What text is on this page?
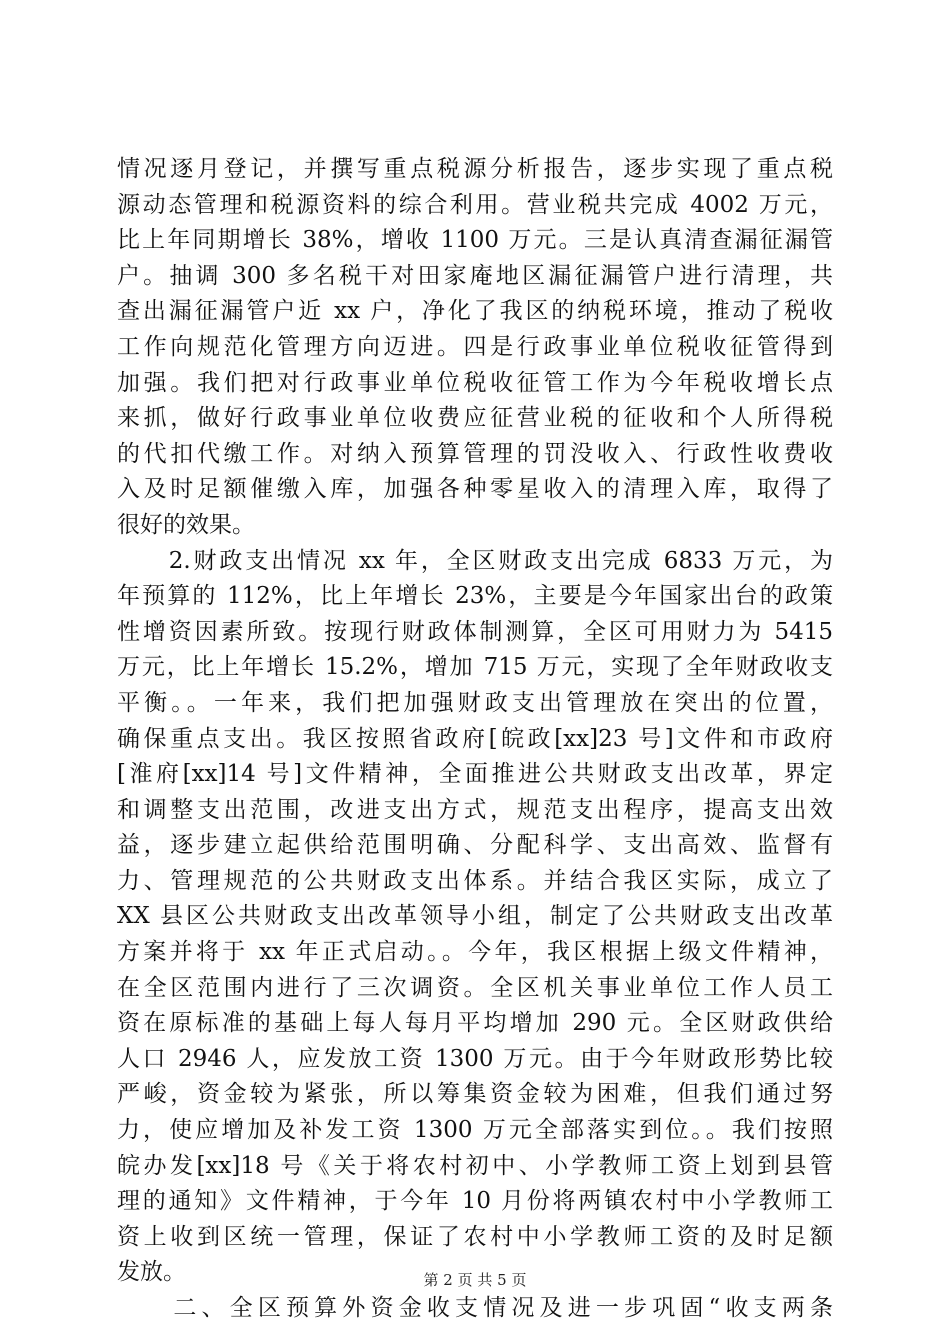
情况逐月登记，并撰写重点税源分析报告，逐步实现了重点税
源动态管理和税源资料的综合利用。营业税共完成 4002 万元，
比上年同期增长 38%，增收 1100 万元。三是认真清查漏征漏管
户。抽调 300 多名税干对田家庵地区漏征漏管户进行清理，共
查出漏征漏管户近 xx 户，净化了我区的纳税环境，推动了税收
工作向规范化管理方向迈进。四是行政事业单位税收征管得到
加强。我们把对行政事业单位税收征管工作为今年税收增长点
来抓，做好行政事业单位收费应征营业税的征收和个人所得税
的代扣代缴工作。对纳入预算管理的罚没收入、行政性收费收
入及时足额催缴入库，加强各种零星收入的清理入库，取得了
很好的效果。
　　2.财政支出情况 xx 年，全区财政支出完成 6833 万元，为
年预算的 112%，比上年增长 23%，主要是今年国家出台的政策
性增资因素所致。按现行财政体制测算，全区可用财力为 5415
万元，比上年增长 15.2%，增加 715 万元，实现了全年财政收支
平衡。。一年来，我们把加强财政支出管理放在突出的位置，
确保重点支出。我区按照省政府[皖政[xx]23 号]文件和市政府
[淮府[xx]14 号]文件精神，全面推进公共财政支出改革，界定
和调整支出范围，改进支出方式，规范支出程序，提高支出效
益，逐步建立起供给范围明确、分配科学、支出高效、监督有
力、管理规范的公共财政支出体系。并结合我区实际，成立了
XX 县区公共财政支出改革领导小组，制定了公共财政支出改革
方案并将于 xx 年正式启动。。今年，我区根据上级文件精神，
在全区范围内进行了三次调资。全区机关事业单位工作人员工
资在原标准的基础上每人每月平均增加 290 元。全区财政供给
人口 2946 人，应发放工资 1300 万元。由于今年财政形势比较
严峻，资金较为紧张，所以筹集资金较为困难，但我们通过努
力，使应增加及补发工资 1300 万元全部落实到位。。我们按照
皖办发[xx]18 号《关于将农村初中、小学教师工资上划到县管
理的通知》文件精神，于今年 10 月份将两镇农村中小学教师工
资上收到区统一管理，保证了农村中小学教师工资的及时足额
发放。
　　二、全区预算外资金收支情况及进一步巩固“收支两条
第 2 页 共 5 页
